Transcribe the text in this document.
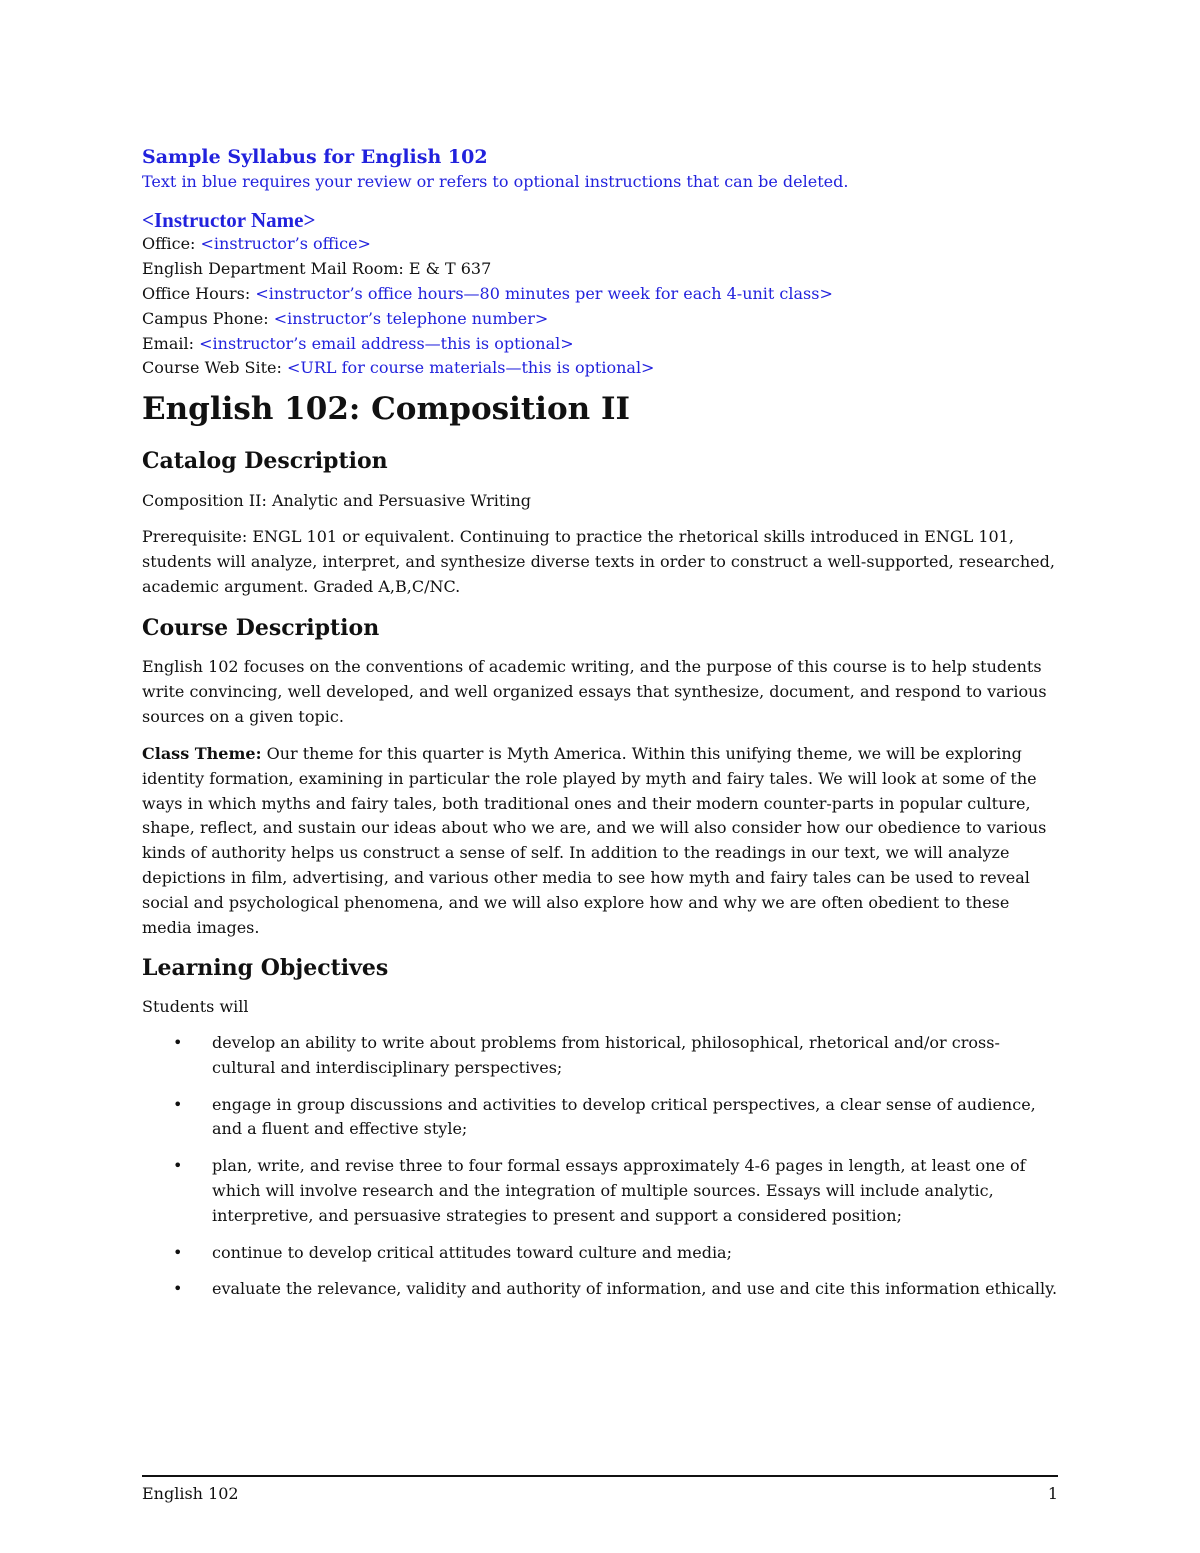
Sample Syllabus for English 102

Text in blue requires your review or refers to optional instructions that can be deleted.

<Instructor Name>
Office: <instructor’s office>
English Department Mail Room: E & T 637
Office Hours: <instructor’s office hours—80 minutes per week for each 4-unit class>
Campus Phone: <instructor’s telephone number>
Email: <instructor’s email address—this is optional>
Course Web Site: <URL for course materials—this is optional>
English 102: Composition II
Catalog Description

Composition II: Analytic and Persuasive Writing

Prerequisite: ENGL 101 or equivalent. Continuing to practice the rhetorical skills introduced in ENGL 101, students will analyze, interpret, and synthesize diverse texts in order to construct a well-supported, researched, academic argument. Graded A,B,C/NC.

Course Description

English 102 focuses on the conventions of academic writing, and the purpose of this course is to help students write convincing, well developed, and well organized essays that synthesize, document, and respond to various sources on a given topic.

Class Theme: Our theme for this quarter is Myth America. Within this unifying theme, we will be exploring identity formation, examining in particular the role played by myth and fairy tales. We will look at some of the ways in which myths and fairy tales, both traditional ones and their modern counter-parts in popular culture, shape, reflect, and sustain our ideas about who we are, and we will also consider how our obedience to various kinds of authority helps us construct a sense of self. In addition to the readings in our text, we will analyze depictions in film, advertising, and various other media to see how myth and fairy tales can be used to reveal social and psychological phenomena, and we will also explore how and why we are often obedient to these media images.

Learning Objectives

Students will

• develop an ability to write about problems from historical, philosophical, rhetorical and/or cross-cultural and interdisciplinary perspectives;
• engage in group discussions and activities to develop critical perspectives, a clear sense of audience, and a fluent and effective style;
• plan, write, and revise three to four formal essays approximately 4-6 pages in length, at least one of which will involve research and the integration of multiple sources. Essays will include analytic, interpretive, and persuasive strategies to present and support a considered position;
• continue to develop critical attitudes toward culture and media;
• evaluate the relevance, validity and authority of information, and use and cite this information ethically.
English 102	1
